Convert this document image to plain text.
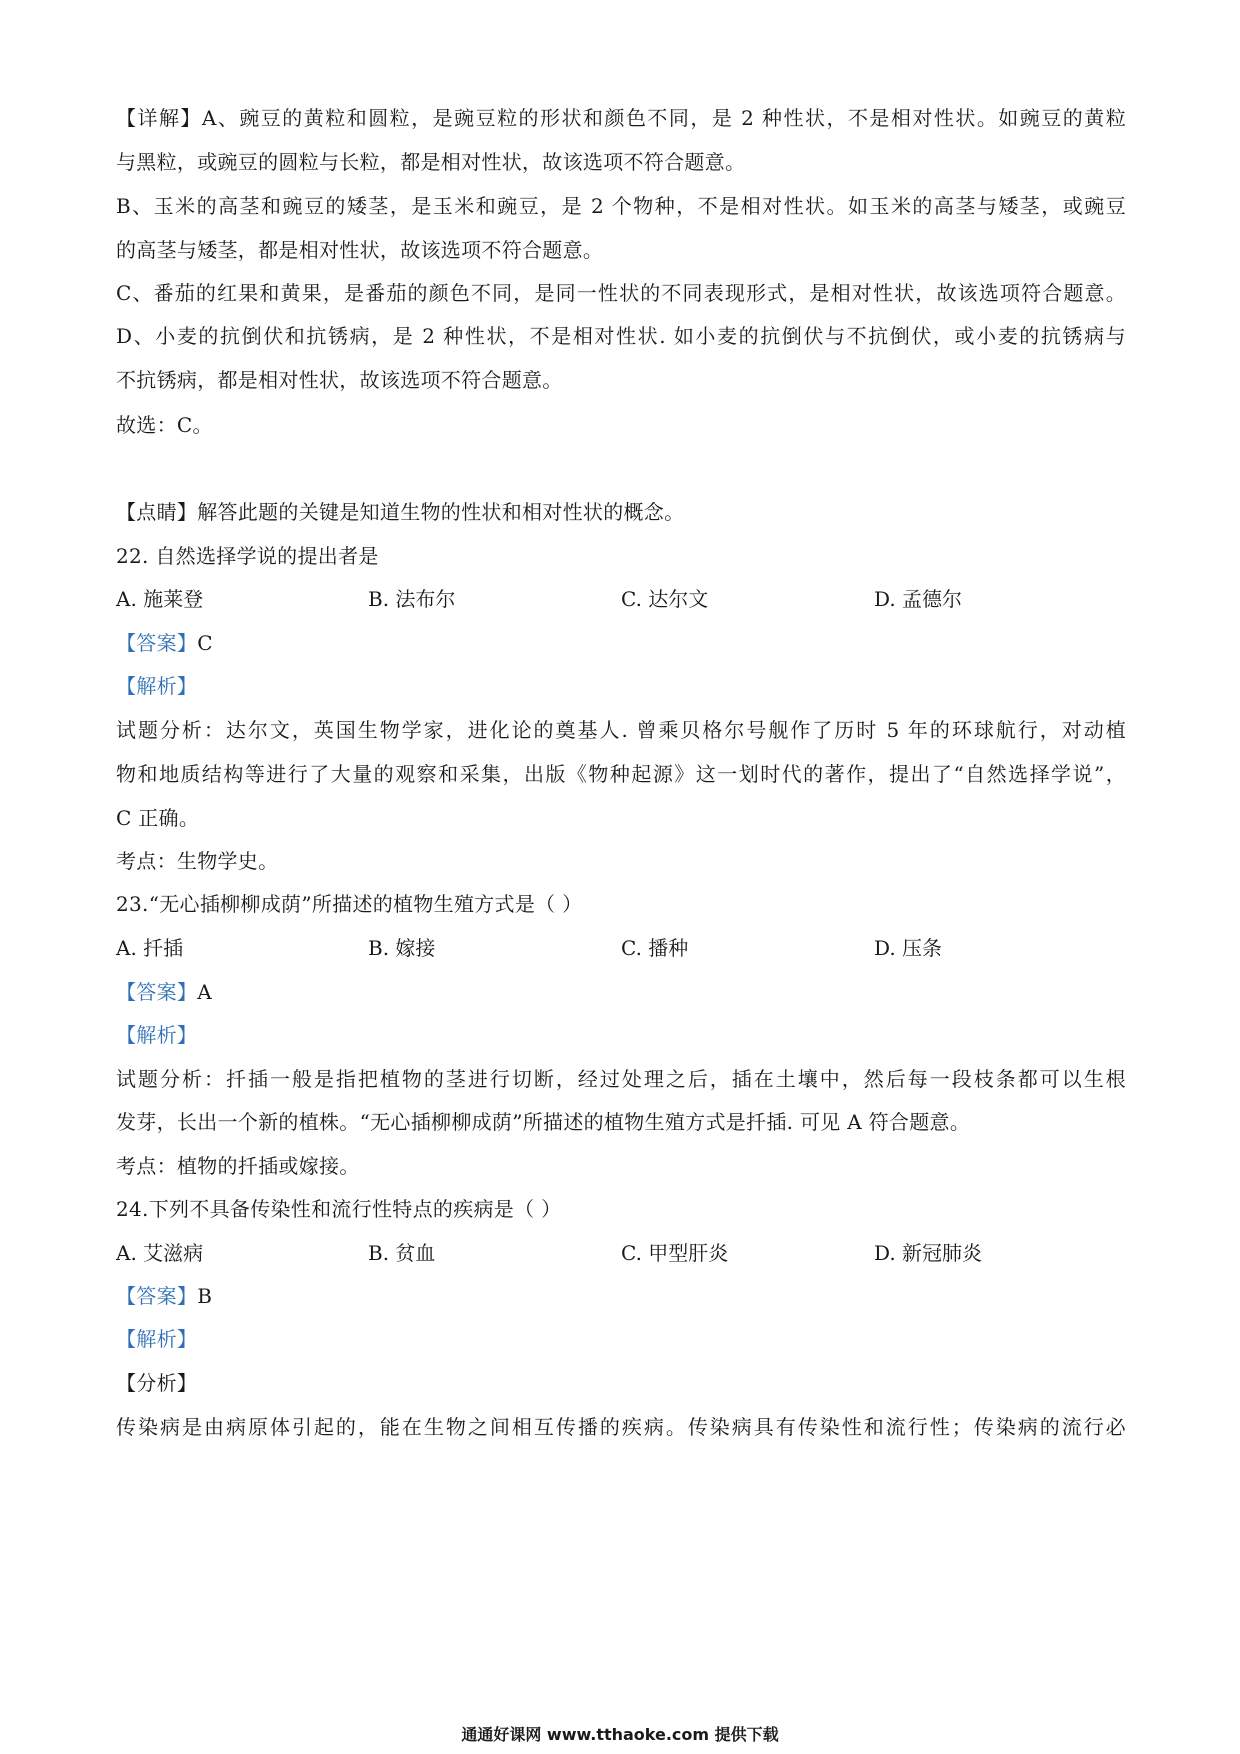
【详解】A、豌豆的黄粒和圆粒，是豌豆粒的形状和颜色不同，是 2 种性状，不是相对性状。如豌豆的黄粒
与黑粒，或豌豆的圆粒与长粒，都是相对性状，故该选项不符合题意。
B、玉米的高茎和豌豆的矮茎，是玉米和豌豆，是 2 个物种，不是相对性状。如玉米的高茎与矮茎，或豌豆
的高茎与矮茎，都是相对性状，故该选项不符合题意。
C、番茄的红果和黄果，是番茄的颜色不同，是同一性状的不同表现形式，是相对性状，故该选项符合题意。
D、小麦的抗倒伏和抗锈病，是 2 种性状，不是相对性状. 如小麦的抗倒伏与不抗倒伏，或小麦的抗锈病与
不抗锈病，都是相对性状，故该选项不符合题意。
故选：C。
【点睛】解答此题的关键是知道生物的性状和相对性状的概念。
22. 自然选择学说的提出者是
A. 施莱登	B. 法布尔	C. 达尔文	D. 孟德尔
【答案】C
【解析】
试题分析：达尔文，英国生物学家，进化论的奠基人. 曾乘贝格尔号舰作了历时 5 年的环球航行，对动植
物和地质结构等进行了大量的观察和采集，出版《物种起源》这一划时代的著作，提出了“自然选择学说”，
C 正确。
考点：生物学史。
23.“无心插柳柳成荫”所描述的植物生殖方式是（ ）
A. 扦插	B. 嫁接	C. 播种	D. 压条
【答案】A
【解析】
试题分析：扦插一般是指把植物的茎进行切断，经过处理之后，插在土壤中，然后每一段枝条都可以生根
发芽，长出一个新的植株。“无心插柳柳成荫”所描述的植物生殖方式是扦插. 可见 A 符合题意。
考点：植物的扦插或嫁接。
24.下列不具备传染性和流行性特点的疾病是（ ）
A. 艾滋病	B. 贫血	C. 甲型肝炎	D. 新冠肺炎
【答案】B
【解析】
【分析】
传染病是由病原体引起的，能在生物之间相互传播的疾病。传染病具有传染性和流行性；传染病的流行必
通通好课网 www.tthaoke.com 提供下载
